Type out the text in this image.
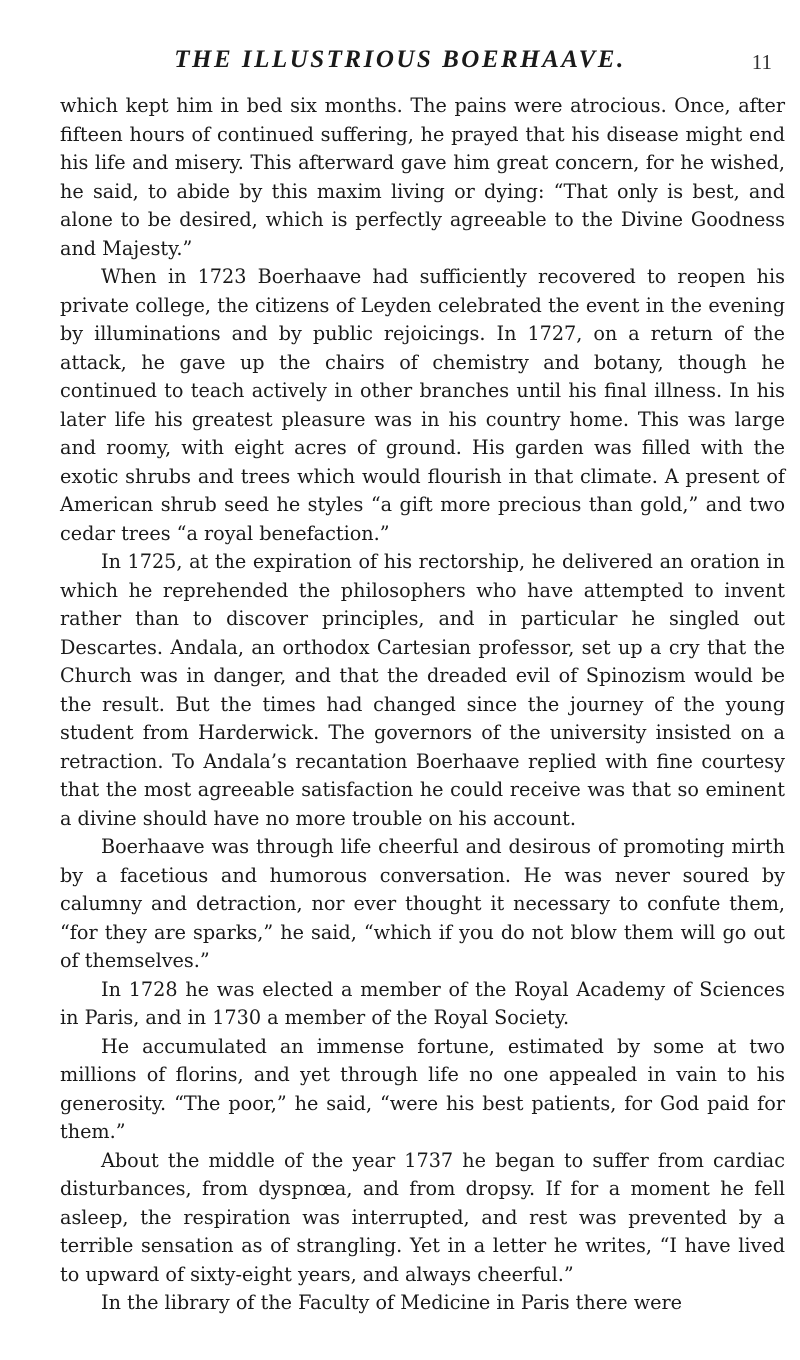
THE ILLUSTRIOUS BOERHAAVE.	11

which kept him in bed six months. The pains were atrocious. Once, after fifteen hours of continued suffering, he prayed that his disease might end his life and misery. This afterward gave him great concern, for he wished, he said, to abide by this maxim living or dying: “That only is best, and alone to be desired, which is perfectly agreeable to the Divine Goodness and Majesty.”

When in 1723 Boerhaave had sufficiently recovered to reopen his private college, the citizens of Leyden celebrated the event in the evening by illuminations and by public rejoicings. In 1727, on a return of the attack, he gave up the chairs of chemistry and botany, though he continued to teach actively in other branches until his final illness. In his later life his greatest pleasure was in his country home. This was large and roomy, with eight acres of ground. His garden was filled with the exotic shrubs and trees which would flourish in that climate. A present of American shrub seed he styles “a gift more precious than gold,” and two cedar trees “a royal benefaction.”

In 1725, at the expiration of his rectorship, he delivered an oration in which he reprehended the philosophers who have attempted to invent rather than to discover principles, and in particular he singled out Descartes. Andala, an orthodox Cartesian professor, set up a cry that the Church was in danger, and that the dreaded evil of Spinozism would be the result. But the times had changed since the journey of the young student from Harderwick. The governors of the university insisted on a retraction. To Andala’s recantation Boerhaave replied with fine courtesy that the most agreeable satisfaction he could receive was that so eminent a divine should have no more trouble on his account.

Boerhaave was through life cheerful and desirous of promoting mirth by a facetious and humorous conversation. He was never soured by calumny and detraction, nor ever thought it necessary to confute them, “for they are sparks,” he said, “which if you do not blow them will go out of themselves.”

In 1728 he was elected a member of the Royal Academy of Sciences in Paris, and in 1730 a member of the Royal Society.

He accumulated an immense fortune, estimated by some at two millions of florins, and yet through life no one appealed in vain to his generosity. “The poor,” he said, “were his best patients, for God paid for them.”

About the middle of the year 1737 he began to suffer from cardiac disturbances, from dyspnœa, and from dropsy. If for a moment he fell asleep, the respiration was interrupted, and rest was prevented by a terrible sensation as of strangling. Yet in a letter he writes, “I have lived to upward of sixty-eight years, and always cheerful.”

In the library of the Faculty of Medicine in Paris there were
